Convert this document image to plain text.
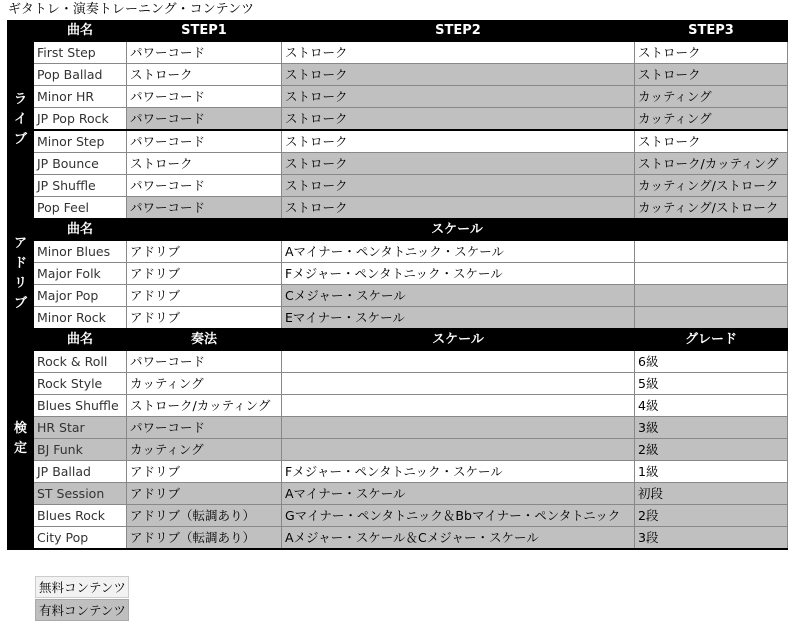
ギタトレ・演奏トレーニング・コンテンツ
ラ
イ
ブ	曲名	STEP1	STEP2	STEP3
	First Step	パワーコード	ストローク	ストローク
	Pop Ballad	ストローク	ストローク	ストローク
	Minor HR	パワーコード	ストローク	カッティング
	JP Pop Rock	パワーコード	ストローク	カッティング
	Minor Step	パワーコード	ストローク	ストローク
	JP Bounce	ストローク	ストローク	ストローク/カッティング
	JP Shuffle	パワーコード	ストローク	カッティング/ストローク
	Pop Feel	パワーコード	ストローク	カッティング/ストローク

ア
ド
リ
ブ	曲名	スケール		
	Minor Blues	アドリブ	Aマイナー・ペンタトニック・スケール	
	Major Folk	アドリブ	Fメジャー・ペンタトニック・スケール	
	Major Pop	アドリブ	Cメジャー・スケール	
	Minor Rock	アドリブ	Eマイナー・スケール	

検
定	曲名	奏法	スケール	グレード
	Rock & Roll	パワーコード		6級
	Rock Style	カッティング		5級
	Blues Shuffle	ストローク/カッティング		4級
	HR Star	パワーコード		3級
	BJ Funk	カッティング		2級
	JP Ballad	アドリブ	Fメジャー・ペンタトニック・スケール	1級
	ST Session	アドリブ	Aマイナー・スケール	初段
	Blues Rock	アドリブ（転調あり）	Gマイナー・ペンタトニック＆Bbマイナー・ペンタトニック	2段
	City Pop	アドリブ（転調あり）	Aメジャー・スケール＆Cメジャー・スケール	3段
無料コンテンツ
有料コンテンツ
